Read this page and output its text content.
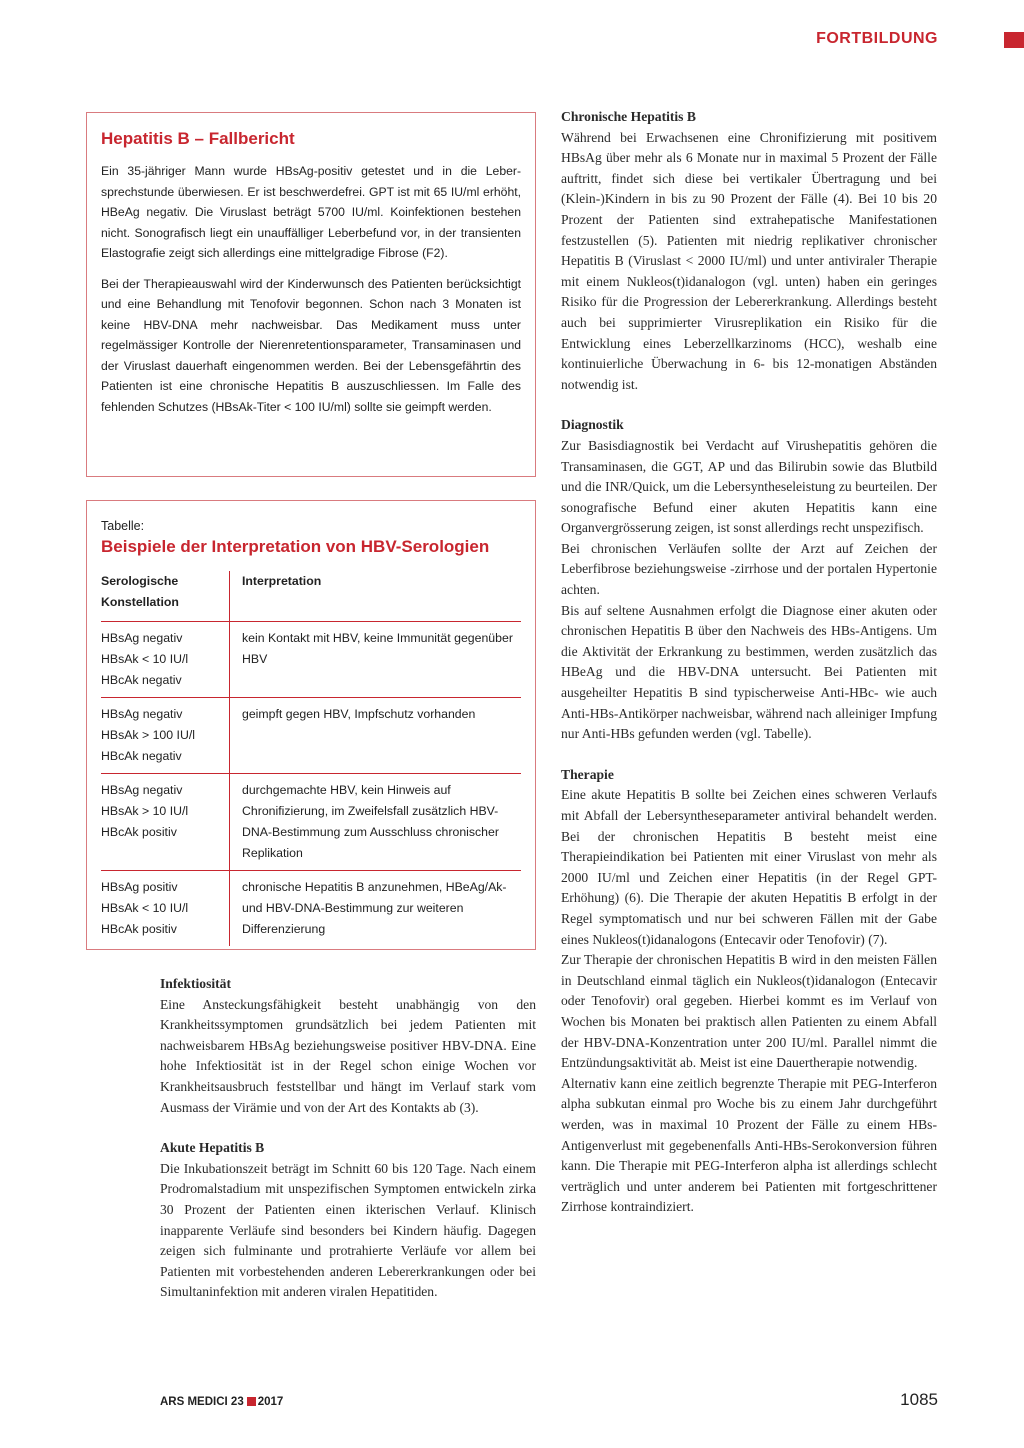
FORTBILDUNG
Hepatitis B – Fallbericht

Ein 35-jähriger Mann wurde HBsAg-positiv getestet und in die Lebersprechstunde überwiesen. Er ist beschwerdefrei. GPT ist mit 65 IU/ml erhöht, HBeAg negativ. Die Viruslast beträgt 5700 IU/ml. Koinfektionen bestehen nicht. Sonografisch liegt ein unauffälliger Leberbefund vor, in der transienten Elastografie zeigt sich allerdings eine mittelgradige Fibrose (F2).

Bei der Therapieauswahl wird der Kinderwunsch des Patienten berücksichtigt und eine Behandlung mit Tenofovir begonnen. Schon nach 3 Monaten ist keine HBV-DNA mehr nachweisbar. Das Medikament muss unter regelmässiger Kontrolle der Nierenretentionsparameter, Transaminasen und der Viruslast dauerhaft eingenommen werden. Bei der Lebensgefährtin des Patienten ist eine chronische Hepatitis B auszuschliessen. Im Falle des fehlenden Schutzes (HBsAk-Titer < 100 IU/ml) sollte sie geimpft werden.

Tabelle:
Beispiele der Interpretation von HBV-Serologien
Serologische Konstellation	Interpretation

HBsAg negativ
HBsAk < 10 IU/l
HBcAk negativ	kein Kontakt mit HBV, keine Immunität gegenüber HBV

HBsAg negativ
HBsAk > 100 IU/l
HBcAk negativ	geimpft gegen HBV, Impfschutz vorhanden

HBsAg negativ
HBsAk > 10 IU/l
HBcAk positiv	durchgemachte HBV, kein Hinweis auf Chronifizierung, im Zweifelsfall zusätzlich HBV-DNA-Bestimmung zum Ausschluss chronischer Replikation

HBsAg positiv
HBsAk < 10 IU/l
HBcAk positiv	chronische Hepatitis B anzunehmen, HBeAg/Ak- und HBV-DNA-Bestimmung zur weiteren Differenzierung

Infektiosität

Eine Ansteckungsfähigkeit besteht unabhängig von den Krankheitssymptomen grundsätzlich bei jedem Patienten mit nachweisbarem HBsAg beziehungsweise positiver HBV-DNA. Eine hohe Infektiosität ist in der Regel schon einige Wochen vor Krankheitsausbruch feststellbar und hängt im Verlauf stark vom Ausmass der Virämie und von der Art des Kontakts ab (3).

Akute Hepatitis B

Die Inkubationszeit beträgt im Schnitt 60 bis 120 Tage. Nach einem Prodromalstadium mit unspezifischen Symptomen entwickeln zirka 30 Prozent der Patienten einen ikterischen Verlauf. Klinisch inapparente Verläufe sind besonders bei Kindern häufig. Dagegen zeigen sich fulminante und protrahierte Verläufe vor allem bei Patienten mit vorbestehenden anderen Lebererkrankungen oder bei Simultaninfektion mit anderen viralen Hepatitiden.

Chronische Hepatitis B

Während bei Erwachsenen eine Chronifizierung mit positivem HBsAg über mehr als 6 Monate nur in maximal 5 Prozent der Fälle auftritt, findet sich diese bei vertikaler Übertragung und bei (Klein-)Kindern in bis zu 90 Prozent der Fälle (4). Bei 10 bis 20 Prozent der Patienten sind extrahepatische Manifestationen festzustellen (5). Patienten mit niedrig replikativer chronischer Hepatitis B (Viruslast < 2000 IU/ml) und unter antiviraler Therapie mit einem Nukleos(t)idanalogon (vgl. unten) haben ein geringes Risiko für die Progression der Lebererkrankung. Allerdings besteht auch bei supprimierter Virusreplikation ein Risiko für die Entwicklung eines Leberzellkarzinoms (HCC), weshalb eine kontinuierliche Überwachung in 6- bis 12-monatigen Abständen notwendig ist.

Diagnostik

Zur Basisdiagnostik bei Verdacht auf Virushepatitis gehören die Transaminasen, die GGT, AP und das Bilirubin sowie das Blutbild und die INR/Quick, um die Lebersyntheseleistung zu beurteilen. Der sonografische Befund einer akuten Hepatitis kann eine Organvergrösserung zeigen, ist sonst allerdings recht unspezifisch.

Bei chronischen Verläufen sollte der Arzt auf Zeichen der Leberfibrose beziehungsweise -zirrhose und der portalen Hypertonie achten.

Bis auf seltene Ausnahmen erfolgt die Diagnose einer akuten oder chronischen Hepatitis B über den Nachweis des HBs-Antigens. Um die Aktivität der Erkrankung zu bestimmen, werden zusätzlich das HBeAg und die HBV-DNA untersucht. Bei Patienten mit ausgeheilter Hepatitis B sind typischerweise Anti-HBc- wie auch Anti-HBs-Antikörper nachweisbar, während nach alleiniger Impfung nur Anti-HBs gefunden werden (vgl. Tabelle).

Therapie

Eine akute Hepatitis B sollte bei Zeichen eines schweren Verlaufs mit Abfall der Lebersyntheseparameter antiviral behandelt werden. Bei der chronischen Hepatitis B besteht meist eine Therapieindikation bei Patienten mit einer Viruslast von mehr als 2000 IU/ml und Zeichen einer Hepatitis (in der Regel GPT-Erhöhung) (6). Die Therapie der akuten Hepatitis B erfolgt in der Regel symptomatisch und nur bei schweren Fällen mit der Gabe eines Nukleos(t)idanalogons (Entecavir oder Tenofovir) (7).

Zur Therapie der chronischen Hepatitis B wird in den meisten Fällen in Deutschland einmal täglich ein Nukleos(t)idanalogon (Entecavir oder Tenofovir) oral gegeben. Hierbei kommt es im Verlauf von Wochen bis Monaten bei praktisch allen Patienten zu einem Abfall der HBV-DNA-Konzentration unter 200 IU/ml. Parallel nimmt die Entzündungsaktivität ab. Meist ist eine Dauertherapie notwendig.

Alternativ kann eine zeitlich begrenzte Therapie mit PEG-Interferon alpha subkutan einmal pro Woche bis zu einem Jahr durchgeführt werden, was in maximal 10 Prozent der Fälle zu einem HBs-Antigenverlust mit gegebenenfalls Anti-HBs-Serokonversion führen kann. Die Therapie mit PEG-Interferon alpha ist allerdings schlecht verträglich und unter anderem bei Patienten mit fortgeschrittener Zirrhose kontraindiziert.

ARS MEDICI 23 2017	1085
